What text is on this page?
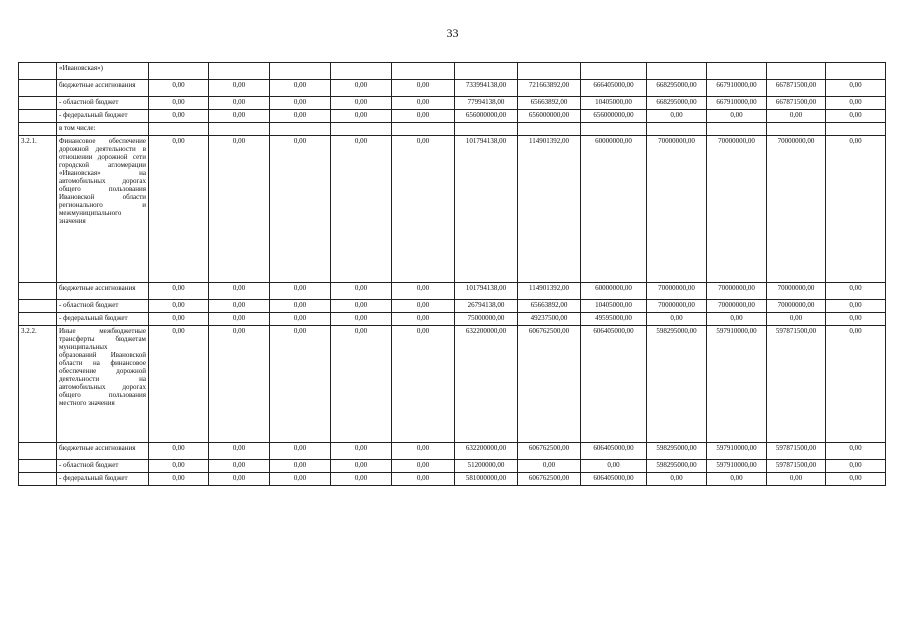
33
	«Ивановская»)												
	бюджетные ассигнования	0,00	0,00	0,00	0,00	0,00	733994138,00	721663892,00	666405000,00	668295000,00	667910000,00	667871500,00	0,00
	- областной бюджет	0,00	0,00	0,00	0,00	0,00	77994138,00	65663892,00	10405000,00	668295000,00	667910000,00	667871500,00	0,00
	- федеральный бюджет	0,00	0,00	0,00	0,00	0,00	656000000,00	656000000,00	656000000,00	0,00	0,00	0,00	0,00
	в том числе:												
3.2.1.	Финансовое обеспечение дорожной деятельности в отношении дорожной сети городской агломерации «Ивановская» на автомобильных дорогах общего пользования Ивановской области регионального и межмуниципального значения	0,00	0,00	0,00	0,00	0,00	101794138,00	114901392,00	60000000,00	70000000,00	70000000,00	70000000,00	0,00
	бюджетные ассигнования	0,00	0,00	0,00	0,00	0,00	101794138,00	114901392,00	60000000,00	70000000,00	70000000,00	70000000,00	0,00
	- областной бюджет	0,00	0,00	0,00	0,00	0,00	26794138,00	65663892,00	10405000,00	70000000,00	70000000,00	70000000,00	0,00
	- федеральный бюджет	0,00	0,00	0,00	0,00	0,00	75000000,00	49237500,00	49595000,00	0,00	0,00	0,00	0,00
3.2.2.	Иные межбюджетные трансферты бюджетам муниципальных образований Ивановской области на финансовое обеспечение дорожной деятельности на автомобильных дорогах общего пользования местного значения	0,00	0,00	0,00	0,00	0,00	632200000,00	606762500,00	606405000,00	598295000,00	597910000,00	597871500,00	0,00
	бюджетные ассигнования	0,00	0,00	0,00	0,00	0,00	632200000,00	606762500,00	606405000,00	598295000,00	597910000,00	597871500,00	0,00
	- областной бюджет	0,00	0,00	0,00	0,00	0,00	51200000,00	0,00	0,00	598295000,00	597910000,00	597871500,00	0,00
	- федеральный бюджет	0,00	0,00	0,00	0,00	0,00	581000000,00	606762500,00	606405000,00	0,00	0,00	0,00	0,00
